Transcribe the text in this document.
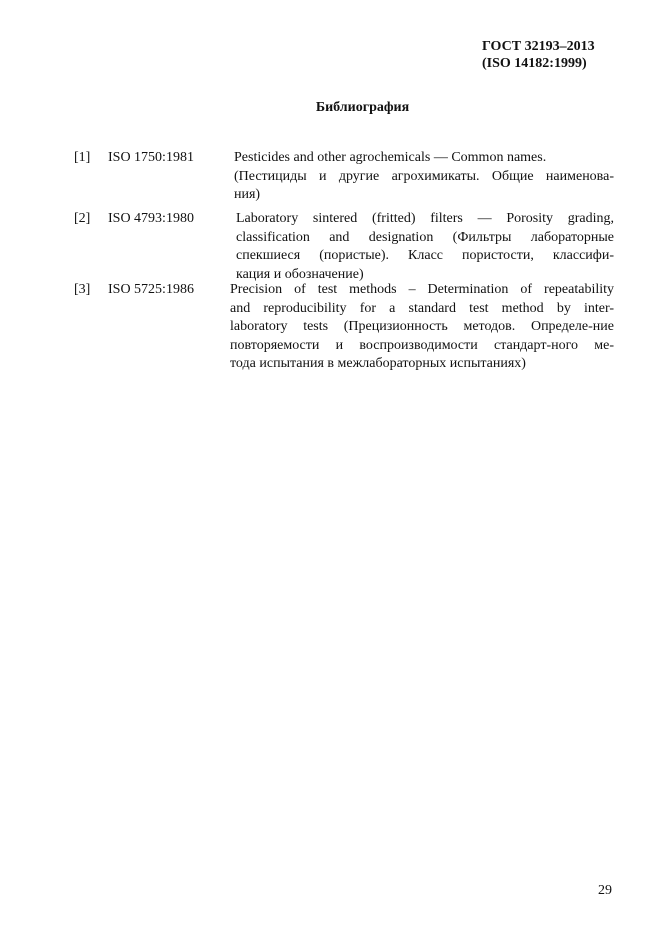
ГОСТ 32193–2013
(ISO 14182:1999)
Библиография
[1]	ISO 1750:1981	Pesticides and other agrochemicals — Common names.
(Пестициды и другие агрохимикаты. Общие наименова-
ния)
[2]	ISO 4793:1980	Laboratory sintered (fritted) filters — Porosity grading,
classification and designation (Фильтры лабораторные
спекшиеся (пористые). Класс пористости, классифи-
кация и обозначение)
[3]	ISO 5725:1986	Precision of test methods – Determination of repeatability
and reproducibility for a standard test method by inter-
laboratory tests (Прецизионность методов. Определе-ние
повторяемости и воспроизводимости стандарт-ного ме-
тода испытания в межлабораторных испытаниях)
29
